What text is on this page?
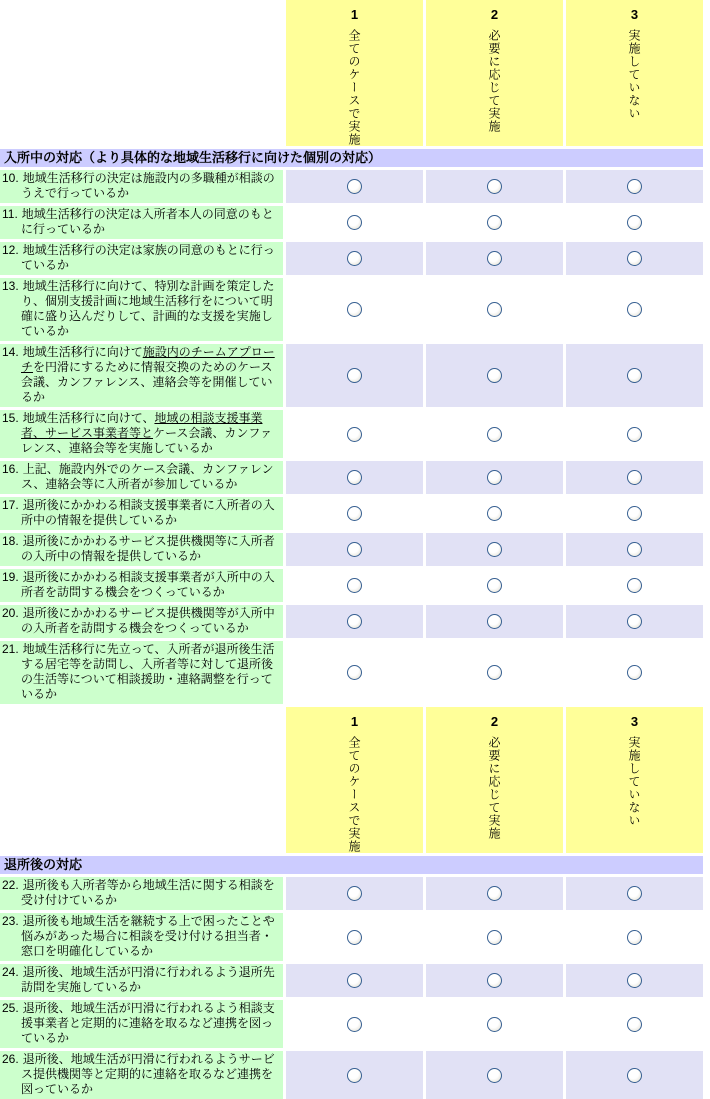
1
全てのケースで実施
2
必要に応じて実施
3
実施していない
入所中の対応（より具体的な地域生活移行に向けた個別の対応）
10. 地域生活移行の決定は施設内の多職種が相談のうえで行っているか
11. 地域生活移行の決定は入所者本人の同意のもとに行っているか
12. 地域生活移行の決定は家族の同意のもとに行っているか
13. 地域生活移行に向けて、特別な計画を策定したり、個別支援計画に地域生活移行をについて明確に盛り込んだりして、計画的な支援を実施しているか
14. 地域生活移行に向けて施設内のチームアプローチを円滑にするために情報交換のためのケース会議、カンファレンス、連絡会等を開催しているか
15. 地域生活移行に向けて、地域の相談支援事業者、サービス事業者等とケース会議、カンファレンス、連絡会等を実施しているか
16. 上記、施設内外でのケース会議、カンファレンス、連絡会等に入所者が参加しているか
17. 退所後にかかわる相談支援事業者に入所者の入所中の情報を提供しているか
18. 退所後にかかわるサービス提供機関等に入所者の入所中の情報を提供しているか
19. 退所後にかかわる相談支援事業者が入所中の入所者を訪問する機会をつくっているか
20. 退所後にかかわるサービス提供機関等が入所中の入所者を訪問する機会をつくっているか
21. 地域生活移行に先立って、入所者が退所後生活する居宅等を訪問し、入所者等に対して退所後の生活等について相談援助・連絡調整を行っているか
1
全てのケースで実施
2
必要に応じて実施
3
実施していない
退所後の対応
22. 退所後も入所者等から地域生活に関する相談を受け付けているか
23. 退所後も地域生活を継続する上で困ったことや悩みがあった場合に相談を受け付ける担当者・窓口を明確化しているか
24. 退所後、地域生活が円滑に行われるよう退所先訪問を実施しているか
25. 退所後、地域生活が円滑に行われるよう相談支援事業者と定期的に連絡を取るなど連携を図っているか
26. 退所後、地域生活が円滑に行われるようサービス提供機関等と定期的に連絡を取るなど連携を図っているか
